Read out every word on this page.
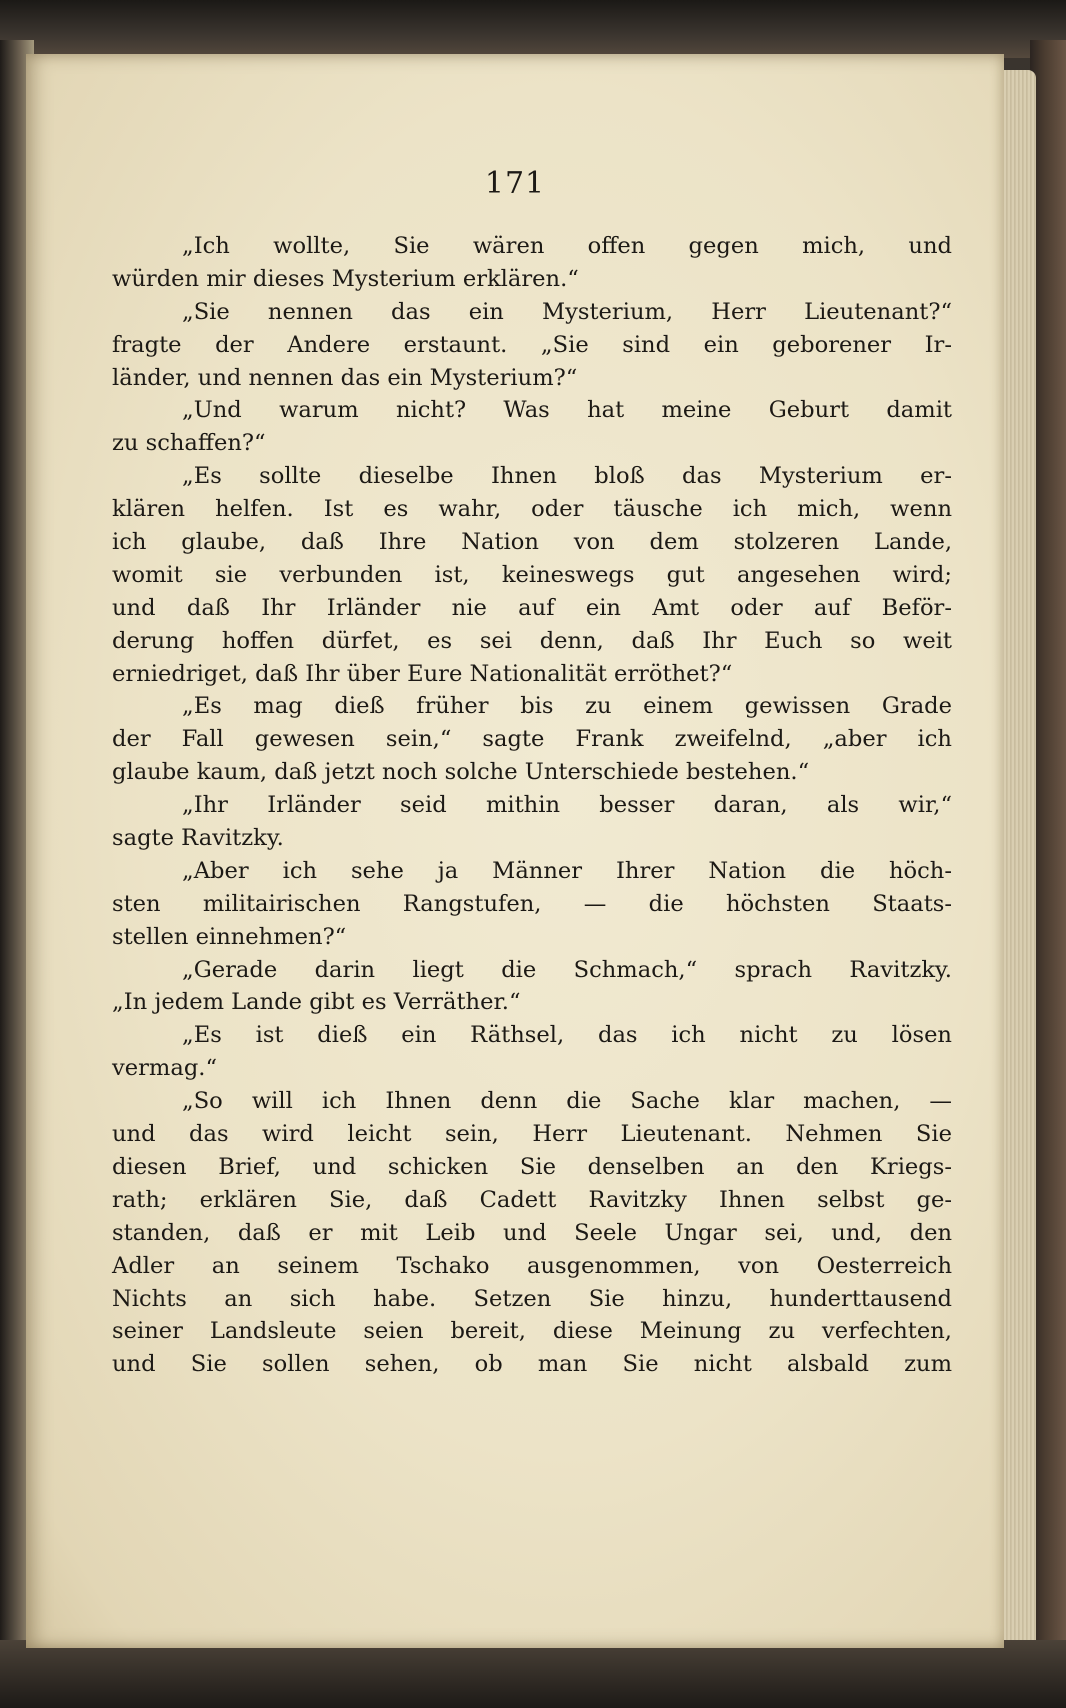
171
„Ich wollte, Sie wären offen gegen mich, und
würden mir dieses Mysterium erklären.“
„Sie nennen das ein Mysterium, Herr Lieutenant?“
fragte der Andere erstaunt. „Sie sind ein geborener Ir-
länder, und nennen das ein Mysterium?“
„Und warum nicht? Was hat meine Geburt damit
zu schaffen?“
„Es sollte dieselbe Ihnen bloß das Mysterium er-
klären helfen. Ist es wahr, oder täusche ich mich, wenn
ich glaube, daß Ihre Nation von dem stolzeren Lande,
womit sie verbunden ist, keineswegs gut angesehen wird;
und daß Ihr Irländer nie auf ein Amt oder auf Beför-
derung hoffen dürfet, es sei denn, daß Ihr Euch so weit
erniedriget, daß Ihr über Eure Nationalität erröthet?“
„Es mag dieß früher bis zu einem gewissen Grade
der Fall gewesen sein,“ sagte Frank zweifelnd, „aber ich
glaube kaum, daß jetzt noch solche Unterschiede bestehen.“
„Ihr Irländer seid mithin besser daran, als wir,“
sagte Ravitzky.
„Aber ich sehe ja Männer Ihrer Nation die höch-
sten militairischen Rangstufen, — die höchsten Staats-
stellen einnehmen?“
„Gerade darin liegt die Schmach,“ sprach Ravitzky.
„In jedem Lande gibt es Verräther.“
„Es ist dieß ein Räthsel, das ich nicht zu lösen
vermag.“
„So will ich Ihnen denn die Sache klar machen, —
und das wird leicht sein, Herr Lieutenant. Nehmen Sie
diesen Brief, und schicken Sie denselben an den Kriegs-
rath; erklären Sie, daß Cadett Ravitzky Ihnen selbst ge-
standen, daß er mit Leib und Seele Ungar sei, und, den
Adler an seinem Tschako ausgenommen, von Oesterreich
Nichts an sich habe. Setzen Sie hinzu, hunderttausend
seiner Landsleute seien bereit, diese Meinung zu verfechten,
und Sie sollen sehen, ob man Sie nicht alsbald zum
